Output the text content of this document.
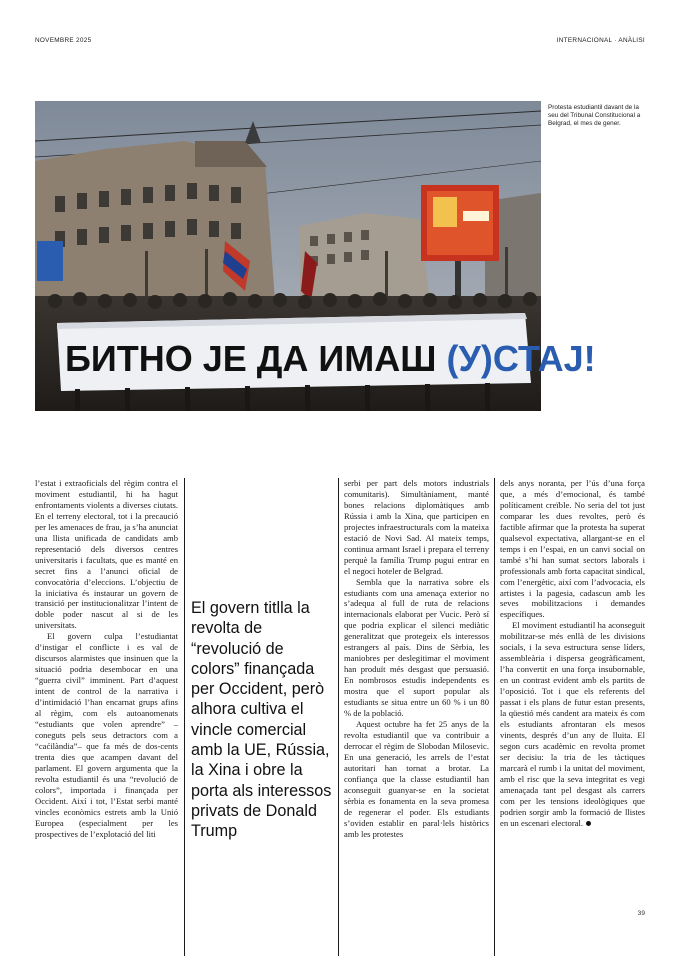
NOVEMBRE 2025	INTERNACIONAL · ANÀLISI
БИТНО ЈЕ ДА ИМАШ (У)СТАЈ!
Protesta estudiantil davant de la seu del Tribunal Constitucional a Belgrad, el mes de gener.

l’estat i extraoficials del règim contra el moviment estudiantil, hi ha hagut enfrontaments violents a diverses ciutats. En el terreny electoral, tot i la precaució per les amenaces de frau, ja s’ha anunciat una llista unificada de candidats amb representació dels diversos centres universitaris i facultats, que es manté en secret fins a l’anunci oficial de convocatòria d’eleccions. L’objectiu de la iniciativa és instaurar un govern de transició per institucionalitzar l’intent de doble poder nascut al si de les universitats.

El govern culpa l’estudiantat d’instigar el conflicte i es val de discursos alarmistes que insinuen que la situació podria desembocar en una “guerra civil” imminent. Part d’aquest intent de control de la narrativa i d’intimidació l’han encarnat grups afins al règim, com els autoanomenats “estudiants que volen aprendre” –coneguts pels seus detractors com a “caćilàndia”– que fa més de dos-cents trenta dies que acampen davant del parlament. El govern argumenta que la revolta estudiantil és una “revolució de colors”, importada i finançada per Occident. Així i tot, l’Estat serbi manté vincles econòmics estrets amb la Unió Europea (especialment per les prospectives de l’explotació del liti

El govern titlla la revolta de “revolució de colors” finançada per Occident, però alhora cultiva el vincle comercial amb la UE, Rússia, la Xina i obre la porta als interessos privats de Donald Trump

serbi per part dels motors industrials comunitaris). Simultàniament, manté bones relacions diplomàtiques amb Rússia i amb la Xina, que participen en projectes infraestructurals com la mateixa estació de Novi Sad. Al mateix temps, continua armant Israel i prepara el terreny perquè la família Trump pugui entrar en el negoci hoteler de Belgrad.

Sembla que la narrativa sobre els estudiants com una amenaça exterior no s’adequa al full de ruta de relacions internacionals elaborat per Vucic. Però sí que podria explicar el silenci mediàtic generalitzat que protegeix els interessos estrangers al país. Dins de Sèrbia, les maniobres per deslegitimar el moviment han produït més desgast que persuasió. En nombrosos estudis independents es mostra que el suport popular als estudiants se situa entre un 60 % i un 80 % de la població.

Aquest octubre ha fet 25 anys de la revolta estudiantil que va contribuir a derrocar el règim de Slobodan Milosevic. En una generació, les arrels de l’estat autoritari han tornat a brotar. La confiança que la classe estudiantil han aconseguit guanyar-se en la societat sèrbia es fonamenta en la seva promesa de regenerar el poder. Els estudiants s’oviden establir en paral·lels històrics amb les protestes

dels anys noranta, per l’ús d’una força que, a més d’emocional, és també políticament creïble. No seria del tot just comparar les dues revoltes, però és factible afirmar que la protesta ha superat qualsevol expectativa, allargant-se en el temps i en l’espai, en un canvi social on també s’hi han sumat sectors laborals i professionals amb forta capacitat sindical, com l’energètic, així com l’advocacia, els artistes i la pagesia, cadascun amb les seves mobilitzacions i demandes específiques.

El moviment estudiantil ha aconseguit mobilitzar-se més enllà de les divisions socials, i la seva estructura sense líders, assembleària i dispersa geogràficament, l’ha convertit en una força insubornable, en un contrast evident amb els partits de l’oposició. Tot i que els referents del passat i els plans de futur estan presents, la qüestió més candent ara mateix és com els estudiants afrontaran els mesos vinents, després d’un any de lluita. El segon curs acadèmic en revolta promet ser decisiu: la tria de les tàctiques marcarà el rumb i la unitat del moviment, amb el risc que la seva integritat es vegi amenaçada tant pel desgast als carrers com per les tensions ideològiques que podrien sorgir amb la formació de llistes en un escenari electoral.

39
